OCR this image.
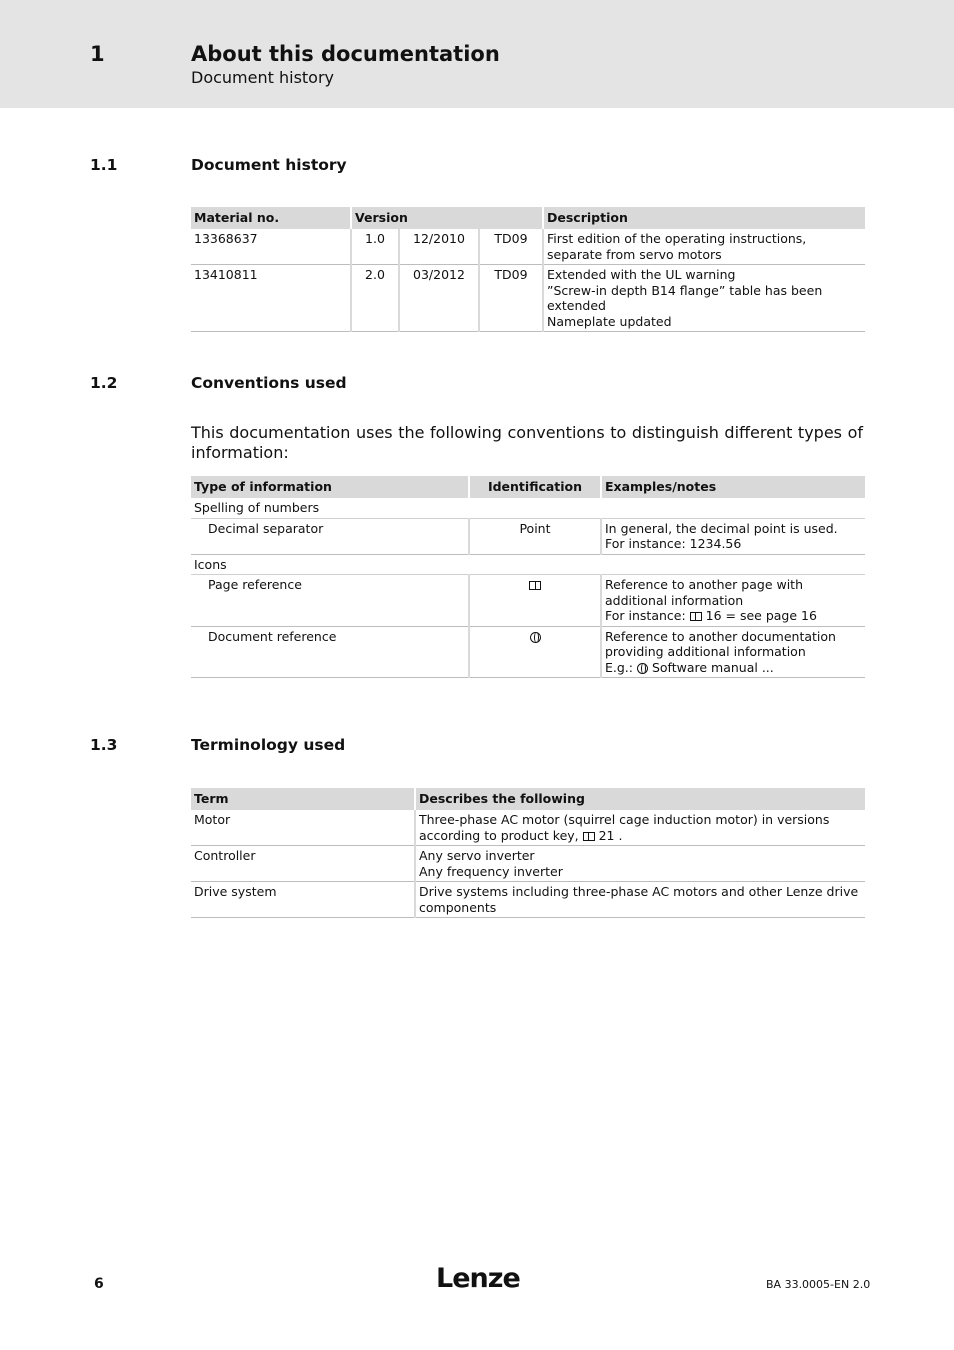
1	About this documentation
Document history
1.1	Document history
Material no.	Version			Description
13368637	1.0	12/2010	TD09	First edition of the operating instructions, separate from servo motors

13410811	2.0	03/2012	TD09	Extended with the UL warning
”Screw-in depth B14 flange” table has been extended
Nameplate updated
1.2	Conventions used
This documentation uses the following conventions to distinguish different types of information:
Type of information	Identification	Examples/notes
Spelling of numbers		
Decimal separator	Point	In general, the decimal point is used.
For instance: 1234.56

Icons		
Page reference		Reference to another page with additional information
For instance: 16 = see page 16

Document reference		Reference to another documentation providing additional information
E.g.: Software manual ...
1.3	Terminology used
Term	Describes the following
Motor	Three-phase AC motor (squirrel cage induction motor) in versions according to product key, 21 .
Controller	Any servo inverter
Any frequency inverter

Drive system	Drive systems including three-phase AC motors and other Lenze drive components
6	Lenze	BA 33.0005-EN 2.0
